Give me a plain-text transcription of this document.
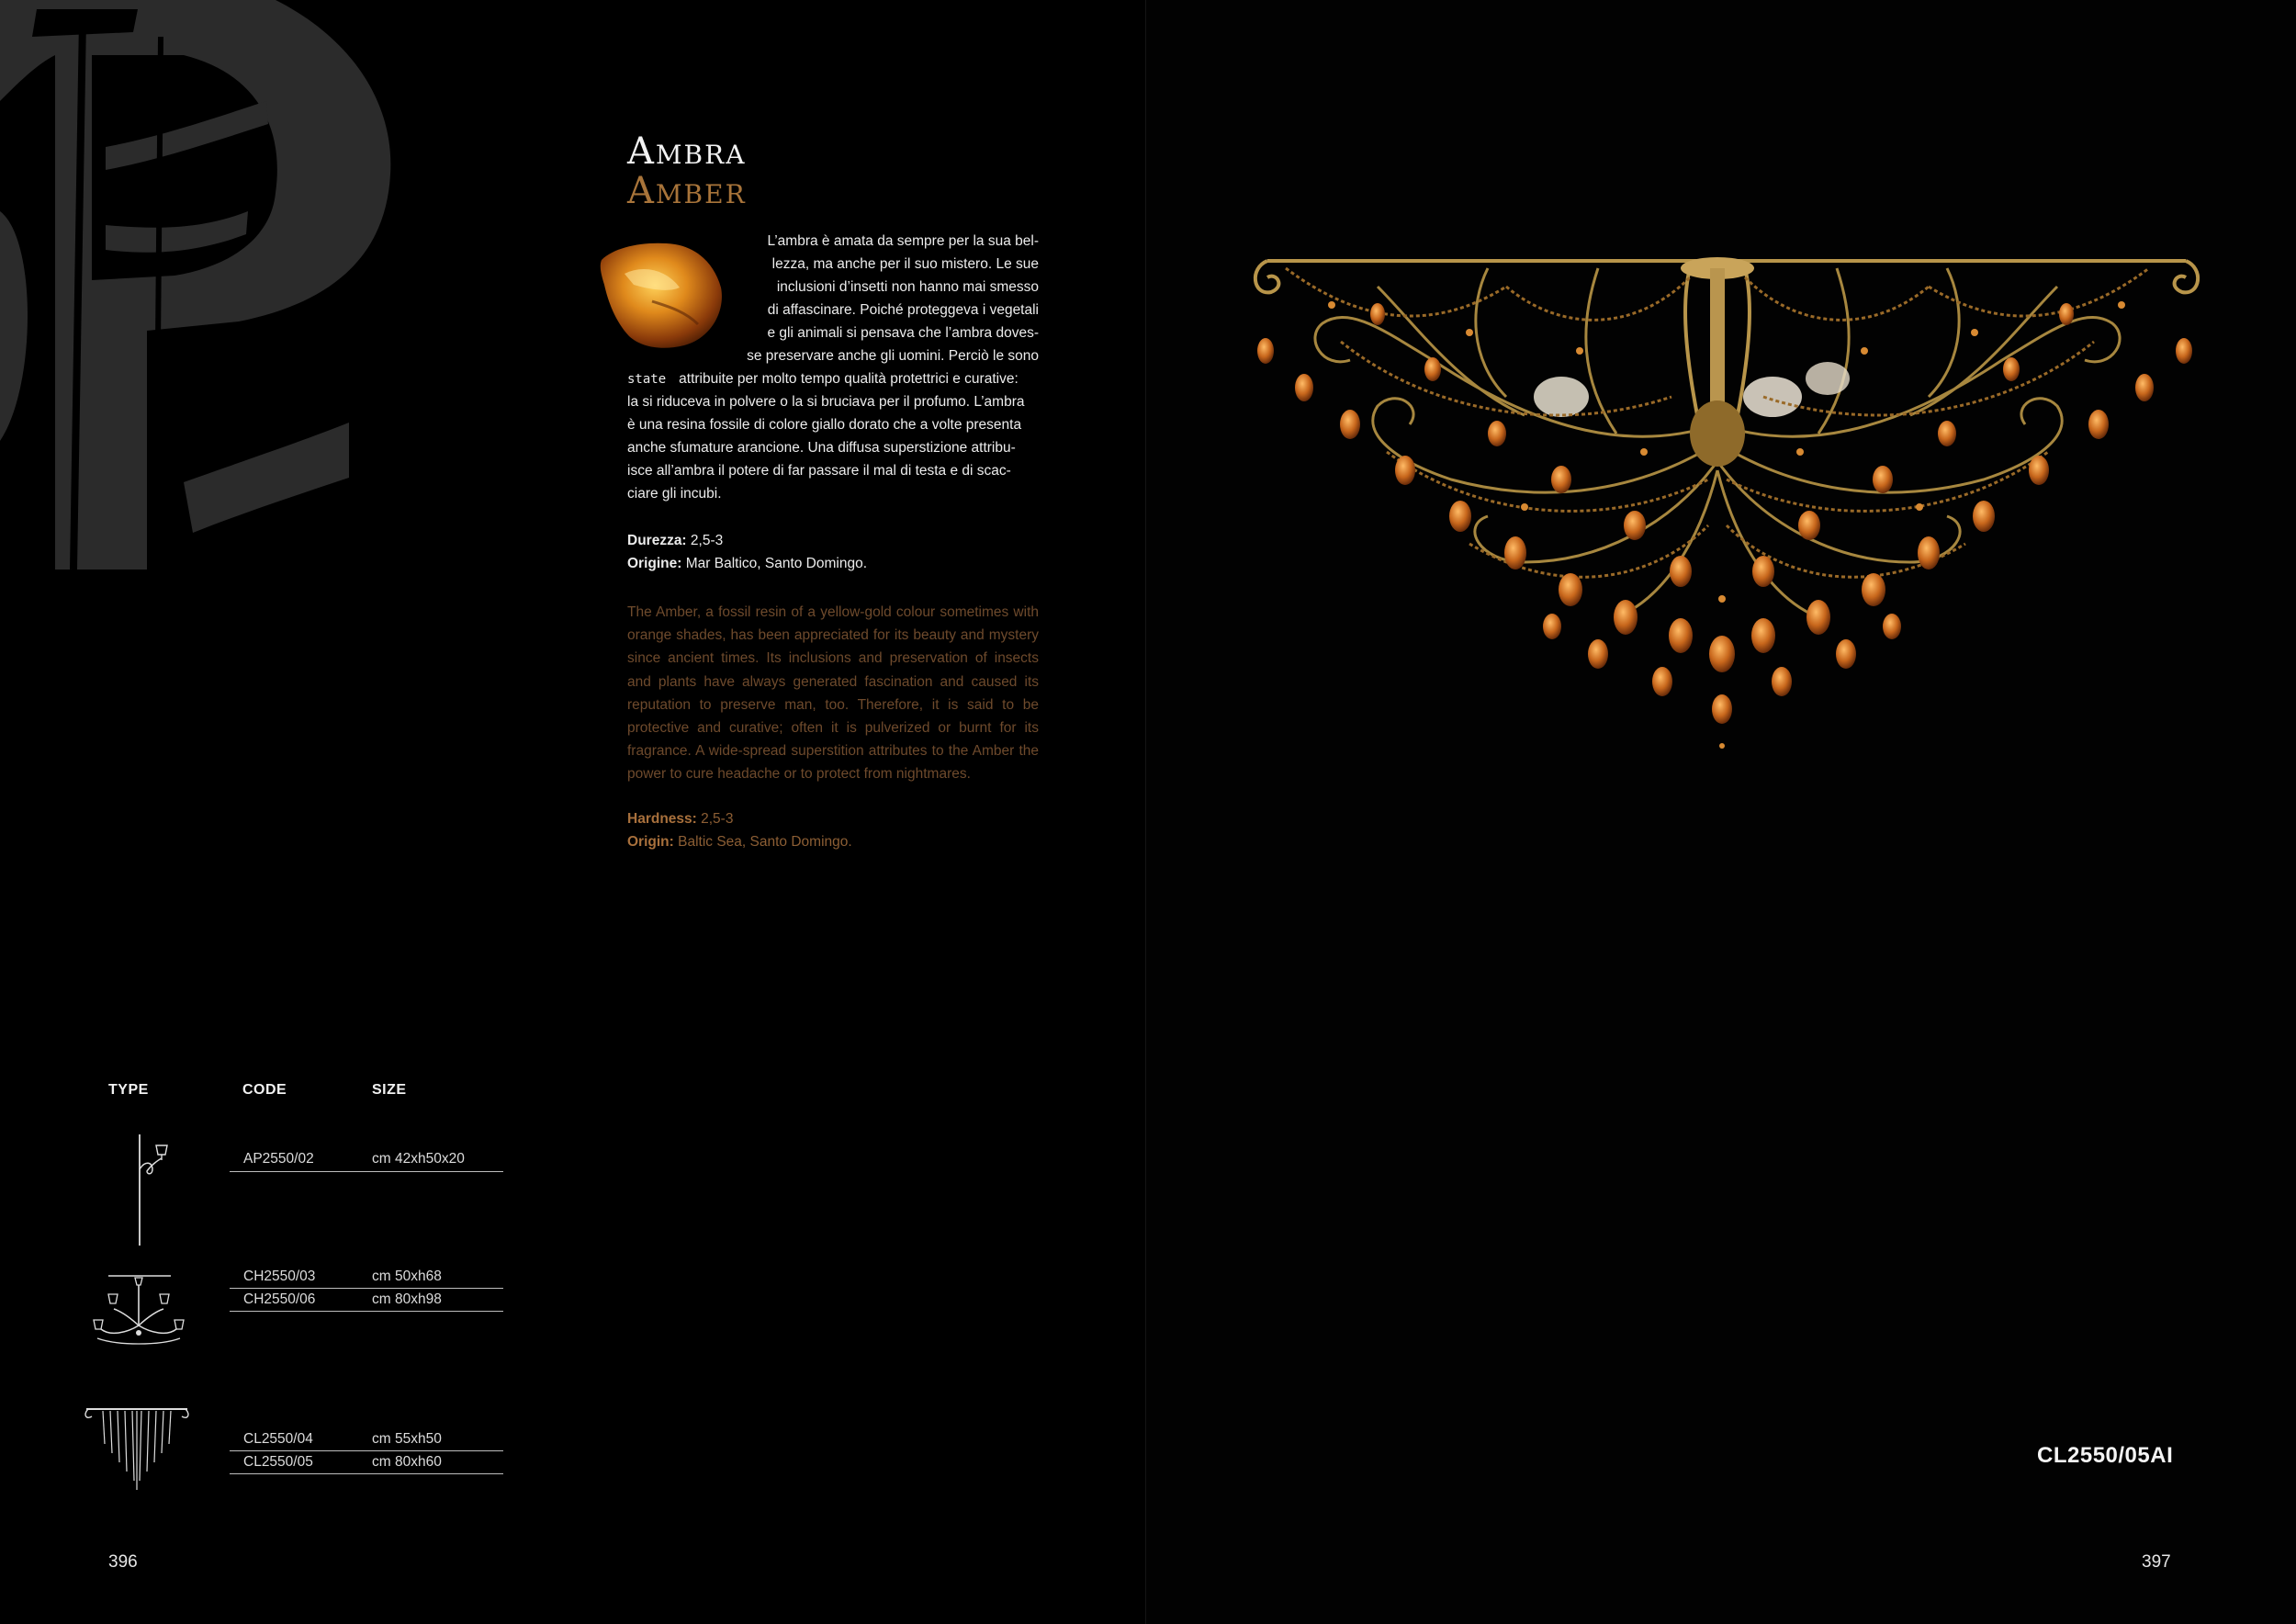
Ambra
Amber

L’ambra è amata da sempre per la sua bel-

lezza, ma anche per il suo mistero. Le sue

inclusioni d’insetti non hanno mai smesso

di affascinare. Poiché proteggeva i vegetali

e gli animali si pensava che l’ambra doves-

se preservare anche gli uomini. Perciò le sono

state attribuite per molto tempo qualità protettrici e curative:

la si riduceva in polvere o la si bruciava per il profumo. L’ambra

è una resina fossile di colore giallo dorato che a volte presenta

anche sfumature arancione. Una diffusa superstizione attribu-

isce all’ambra il potere di far passare il mal di testa e di scac-

ciare gli incubi.

Durezza: 2,5-3

Origine: Mar Baltico, Santo Domingo.

The Amber, a fossil resin of a yellow-gold colour sometimes with orange shades, has been appreciated for its beauty and mystery since ancient times. Its inclusions and preservation of insects and plants have always generated fascination and caused its reputation to preserve man, too. Therefore, it is said to be protective and curative; often it is pulverized or burnt for its fragrance. A wide-spread superstition attributes to the Amber the power to cure headache or to protect from nightmares.

Hardness: 2,5-3

Origin: Baltic Sea, Santo Domingo.

TYPE	CODE	SIZE
AP2550/02	cm 42xh50x20
CH2550/03	cm 50xh68
CH2550/06	cm 80xh98
CL2550/04	cm 55xh50
CL2550/05	cm 80xh60
396
CL2550/05AI
397
